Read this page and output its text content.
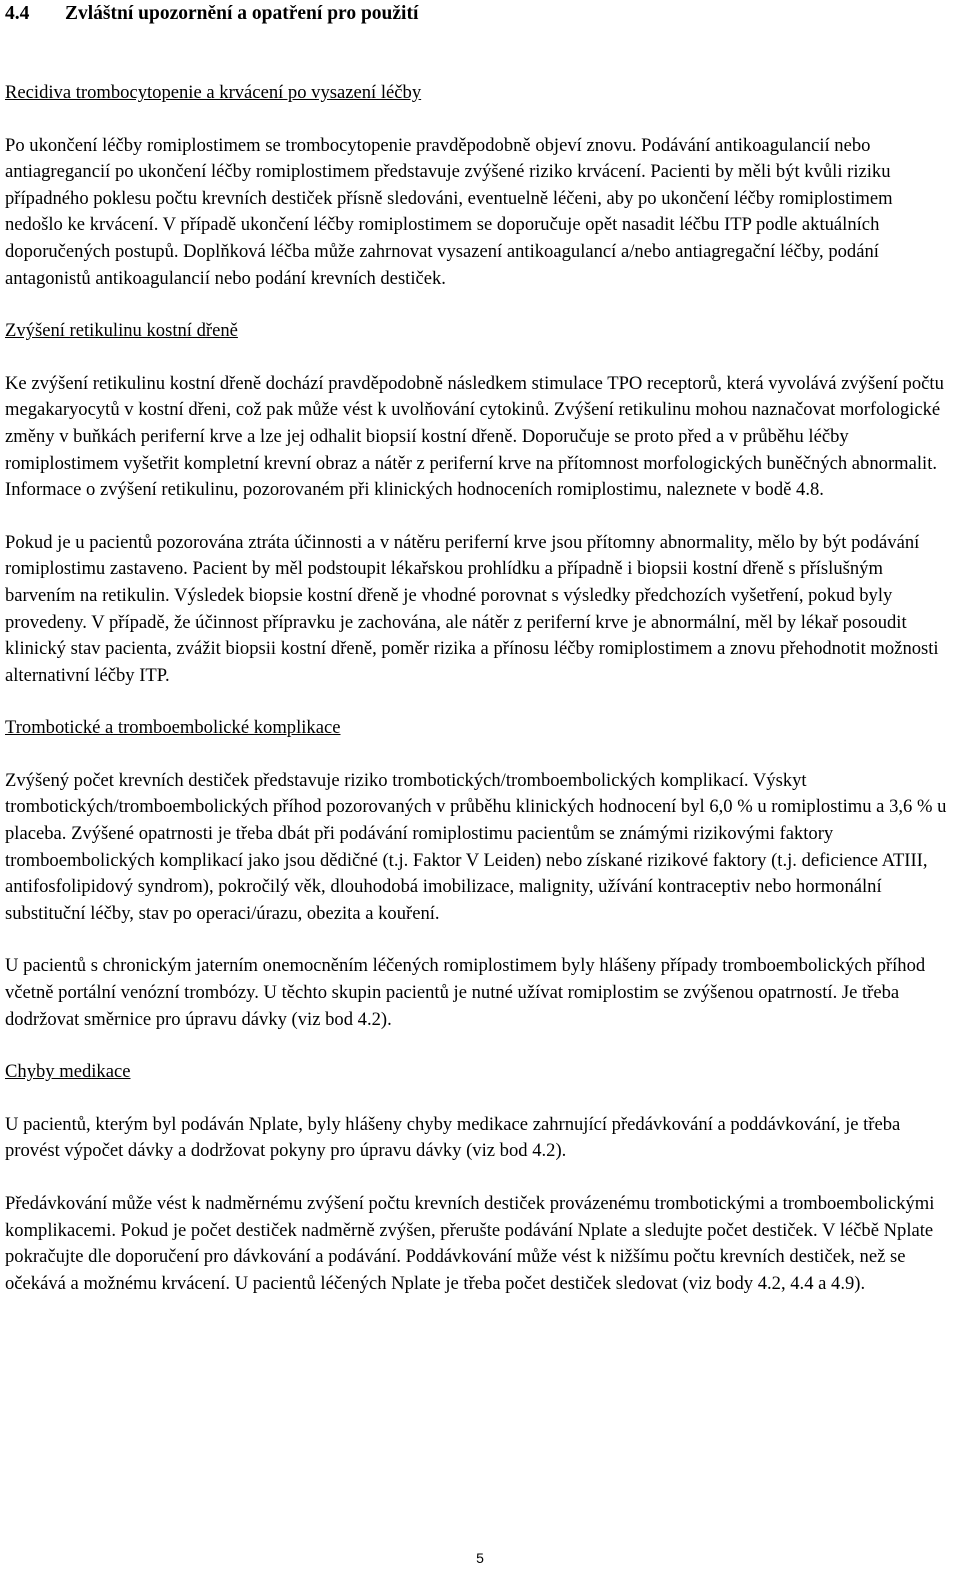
4.4 Zvláštní upozornění a opatření pro použití

Recidiva trombocytopenie a krvácení po vysazení léčby

Po ukončení léčby romiplostimem se trombocytopenie pravděpodobně objeví znovu. Podávání antikoagulancií nebo antiagregancií po ukončení léčby romiplostimem představuje zvýšené riziko krvácení. Pacienti by měli být kvůli riziku případného poklesu počtu krevních destiček přísně sledováni, eventuelně léčeni, aby po ukončení léčby romiplostimem nedošlo ke krvácení. V případě ukončení léčby romiplostimem se doporučuje opět nasadit léčbu ITP podle aktuálních doporučených postupů. Doplňková léčba může zahrnovat vysazení antikoagulancí a/nebo antiagregační léčby, podání antagonistů antikoagulancií nebo podání krevních destiček.

Zvýšení retikulinu kostní dřeně

Ke zvýšení retikulinu kostní dřeně dochází pravděpodobně následkem stimulace TPO receptorů, která vyvolává zvýšení počtu megakaryocytů v kostní dřeni, což pak může vést k uvolňování cytokinů. Zvýšení retikulinu mohou naznačovat morfologické změny v buňkách periferní krve a lze jej odhalit biopsií kostní dřeně. Doporučuje se proto před a v průběhu léčby romiplostimem vyšetřit kompletní krevní obraz a nátěr z periferní krve na přítomnost morfologických buněčných abnormalit. Informace o zvýšení retikulinu, pozorovaném při klinických hodnoceních romiplostimu, naleznete v bodě 4.8.

Pokud je u pacientů pozorována ztráta účinnosti a v nátěru periferní krve jsou přítomny abnormality, mělo by být podávání romiplostimu zastaveno. Pacient by měl podstoupit lékařskou prohlídku a případně i biopsii kostní dřeně s příslušným barvením na retikulin. Výsledek biopsie kostní dřeně je vhodné porovnat s výsledky předchozích vyšetření, pokud byly provedeny. V případě, že účinnost přípravku je zachována, ale nátěr z periferní krve je abnormální, měl by lékař posoudit klinický stav pacienta, zvážit biopsii kostní dřeně, poměr rizika a přínosu léčby romiplostimem a znovu přehodnotit možnosti alternativní léčby ITP.

Trombotické a tromboembolické komplikace

Zvýšený počet krevních destiček představuje riziko trombotických/tromboembolických komplikací. Výskyt trombotických/tromboembolických příhod pozorovaných v průběhu klinických hodnocení byl 6,0 % u romiplostimu a 3,6 % u placeba. Zvýšené opatrnosti je třeba dbát při podávání romiplostimu pacientům se známými rizikovými faktory tromboembolických komplikací jako jsou dědičné (t.j. Faktor V Leiden) nebo získané rizikové faktory (t.j. deficience ATIII, antifosfolipidový syndrom), pokročilý věk, dlouhodobá imobilizace, malignity, užívání kontraceptiv nebo hormonální substituční léčby, stav po operaci/úrazu, obezita a kouření.

U pacientů s chronickým jaterním onemocněním léčených romiplostimem byly hlášeny případy tromboembolických příhod včetně portální venózní trombózy. U těchto skupin pacientů je nutné užívat romiplostim se zvýšenou opatrností. Je třeba dodržovat směrnice pro úpravu dávky (viz bod 4.2).

Chyby medikace

U pacientů, kterým byl podáván Nplate, byly hlášeny chyby medikace zahrnující předávkování a poddávkování, je třeba provést výpočet dávky a dodržovat pokyny pro úpravu dávky (viz bod 4.2).

Předávkování může vést k nadměrnému zvýšení počtu krevních destiček provázenému trombotickými a tromboembolickými komplikacemi. Pokud je počet destiček nadměrně zvýšen, přerušte podávání Nplate a sledujte počet destiček. V léčbě Nplate pokračujte dle doporučení pro dávkování a podávání. Poddávkování může vést k nižšímu počtu krevních destiček, než se očekává a možnému krvácení. U pacientů léčených Nplate je třeba počet destiček sledovat (viz body 4.2, 4.4 a 4.9).

5
